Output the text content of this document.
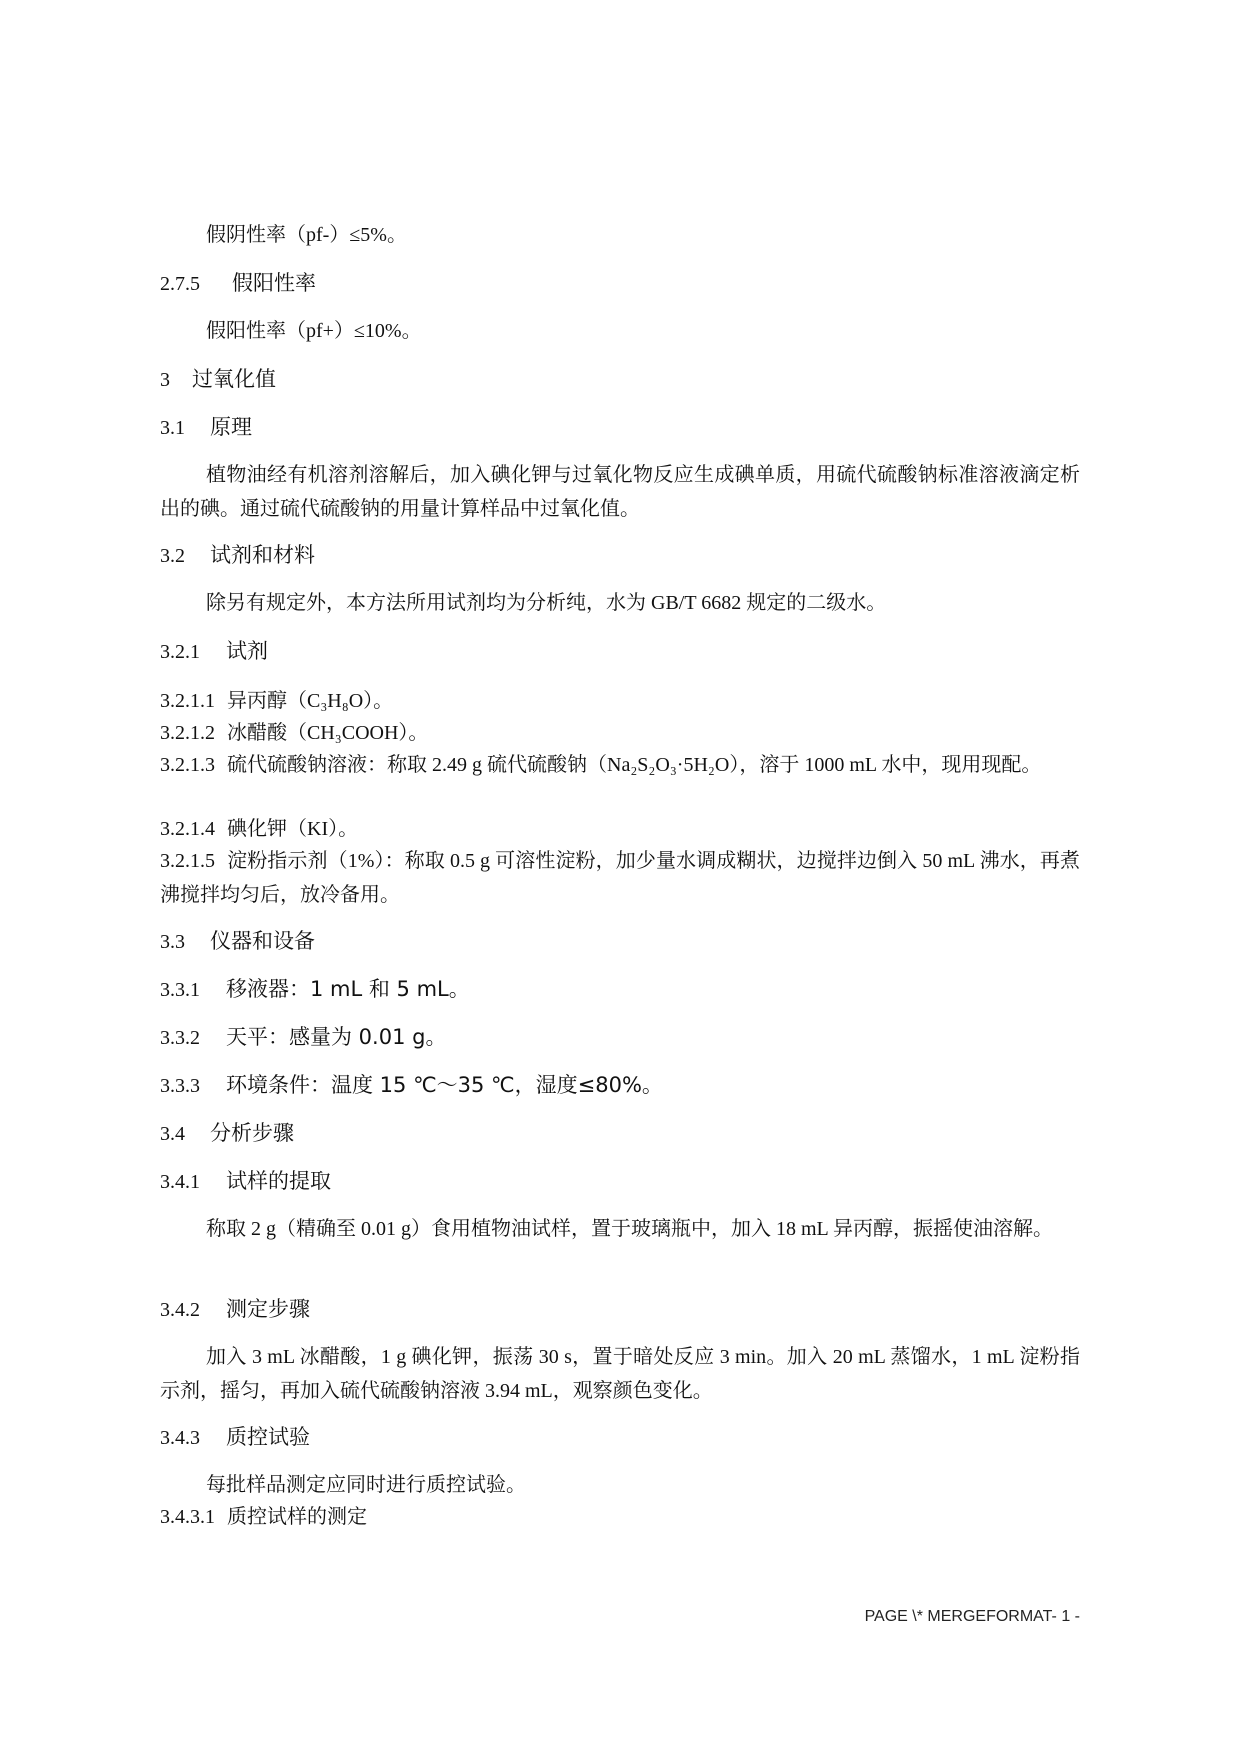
假阴性率（pf-）≤5%。
2.7.5 假阳性率
假阳性率（pf+）≤10%。
3 过氧化值
3.1 原理
植物油经有机溶剂溶解后，加入碘化钾与过氧化物反应生成碘单质，用硫代硫酸钠标准溶液滴定析出的碘。通过硫代硫酸钠的用量计算样品中过氧化值。
3.2 试剂和材料
除另有规定外，本方法所用试剂均为分析纯，水为 GB/T 6682 规定的二级水。
3.2.1 试剂
3.2.1.1 异丙醇（C₃H₈O）。
3.2.1.2 冰醋酸（CH₃COOH）。
3.2.1.3 硫代硫酸钠溶液：称取 2.49 g 硫代硫酸钠（Na₂S₂O₃·5H₂O），溶于 1000 mL 水中，现用现配。
3.2.1.4 碘化钾（KI）。
3.2.1.5 淀粉指示剂（1%）：称取 0.5 g 可溶性淀粉，加少量水调成糊状，边搅拌边倒入 50 mL 沸水，再煮沸搅拌均匀后，放冷备用。
3.3 仪器和设备
3.3.1 移液器：1 mL 和 5 mL。
3.3.2 天平：感量为 0.01 g。
3.3.3 环境条件：温度 15 ℃～35 ℃，湿度≤80%。
3.4 分析步骤
3.4.1 试样的提取
称取 2 g（精确至 0.01 g）食用植物油试样，置于玻璃瓶中，加入 18 mL 异丙醇，振摇使油溶解。
3.4.2 测定步骤
加入 3 mL 冰醋酸，1 g 碘化钾，振荡 30 s，置于暗处反应 3 min。加入 20 mL 蒸馏水，1 mL 淀粉指示剂，摇匀，再加入硫代硫酸钠溶液 3.94 mL，观察颜色变化。
3.4.3 质控试验
每批样品测定应同时进行质控试验。
3.4.3.1 质控试样的测定
PAGE \* MERGEFORMAT- 1 -
